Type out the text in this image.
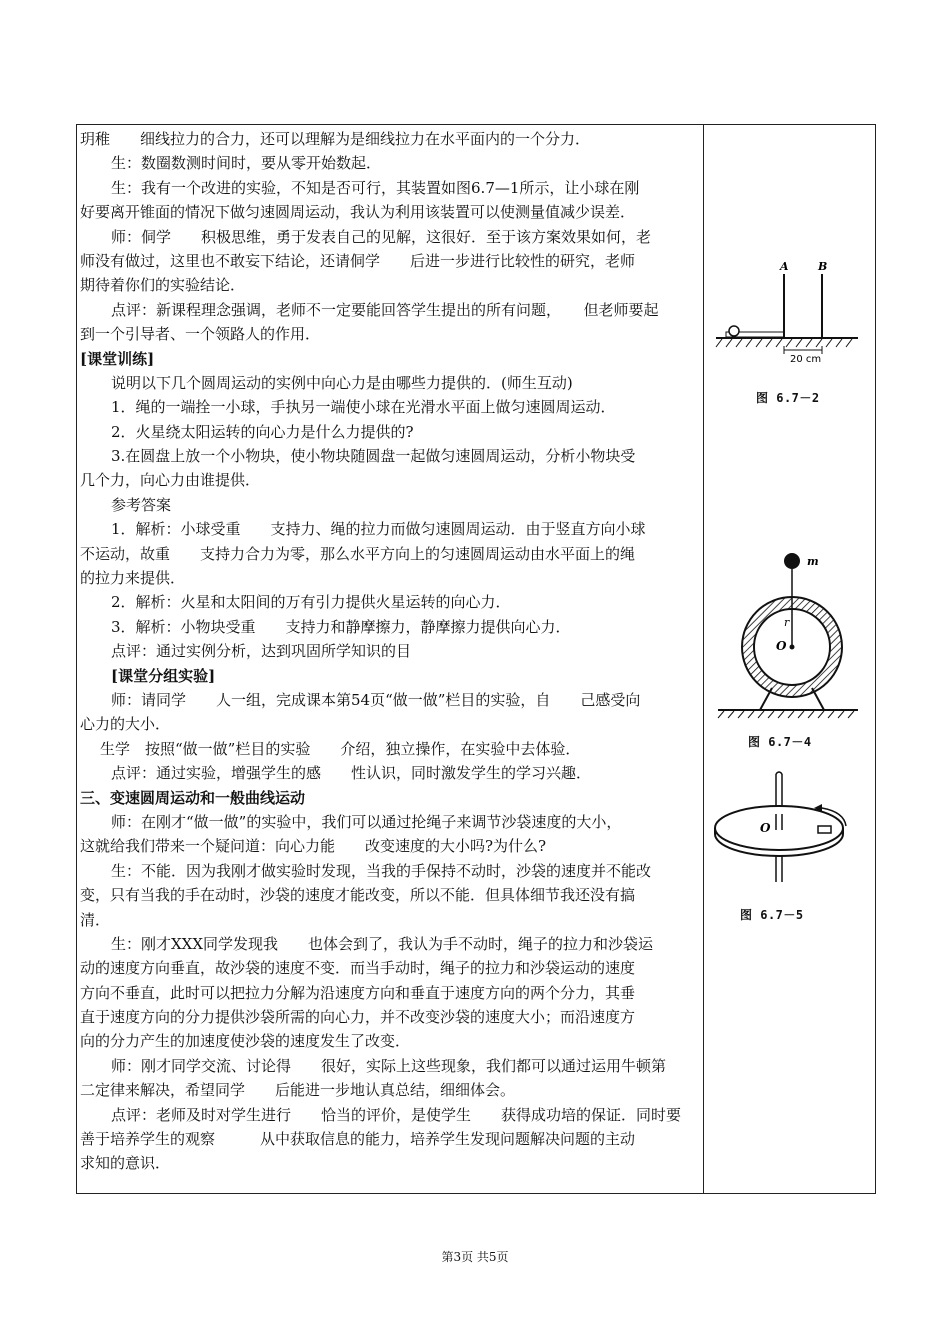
玥稚　　细线拉力的合力，还可以理解为是细线拉力在水平面内的一个分力．
生：数圈数测时间时，要从零开始数起．
生：我有一个改进的实验，不知是否可行，其装置如图6.7—1所示，让小球在刚
好要离开锥面的情况下做匀速圆周运动，我认为利用该装置可以使测量值减少误差．
师：侗学　　积极思维，勇于发表自己的见解，这很好．至于该方案效果如何，老
师没有做过，这里也不敢妄下结论，还请侗学　　后进一步进行比较性的研究，老师
期待着你们的实验结论．
点评：新课程理念强调，老师不一定要能回答学生提出的所有问题，　　但老师要起
到一个引导者、一个领路人的作用．
[课堂训练]
说明以下几个圆周运动的实例中向心力是由哪些力提供的．(师生互动)
1．绳的一端拴一小球，手执另一端使小球在光滑水平面上做匀速圆周运动．
2．火星绕太阳运转的向心力是什么力提供的?
3.在圆盘上放一个小物块，使小物块随圆盘一起做匀速圆周运动，分析小物块受
几个力，向心力由谁提供．
参考答案
1．解析：小球受重　　支持力、绳的拉力而做匀速圆周运动．由于竖直方向小球
不运动，故重　　支持力合力为零，那么水平方向上的匀速圆周运动由水平面上的绳
的拉力来提供．
2．解析：火星和太阳间的万有引力提供火星运转的向心力．
3．解析：小物块受重　　支持力和静摩擦力，静摩擦力提供向心力．
点评：通过实例分析，达到巩固所学知识的目
[课堂分组实验]
师：请同学　　人一组，完成课本第54页“做一做”栏目的实验，自　　己感受向
心力的大小．
生学　按照“做一做”栏目的实验　　介绍，独立操作，在实验中去体验．
点评：通过实验，增强学生的感　　性认识，同时激发学生的学习兴趣．
三、变速圆周运动和一般曲线运动
师：在刚才“做一做”的实验中，我们可以通过抡绳子来调节沙袋速度的大小，
这就给我们带来一个疑问道：向心力能　　改变速度的大小吗?为什么?
生：不能．因为我刚才做实验时发现，当我的手保持不动时，沙袋的速度并不能改
变，只有当我的手在动时，沙袋的速度才能改变，所以不能．但具体细节我还没有搞
清．
生：刚才XXX同学发现我　　也体会到了，我认为手不动时，绳子的拉力和沙袋运
动的速度方向垂直，故沙袋的速度不变．而当手动时，绳子的拉力和沙袋运动的速度
方向不垂直，此时可以把拉力分解为沿速度方向和垂直于速度方向的两个分力，其垂
直于速度方向的分力提供沙袋所需的向心力，并不改变沙袋的速度大小；而沿速度方
向的分力产生的加速度使沙袋的速度发生了改变．
师：刚才同学交流、讨论得　　很好，实际上这些现象，我们都可以通过运用牛顿第
二定律来解决，希望同学　　后能进一步地认真总结，细细体会。
点评：老师及时对学生进行　　恰当的评价，是使学生　　获得成功培的保证．同时要
善于培养学生的观察　　　从中获取信息的能力，培养学生发现问题解决问题的主动
求知的意识．
A	B
20 cm
图 6.7－2
m
r
O
图 6.7－4
O
图 6.7－5
第3页 共5页
